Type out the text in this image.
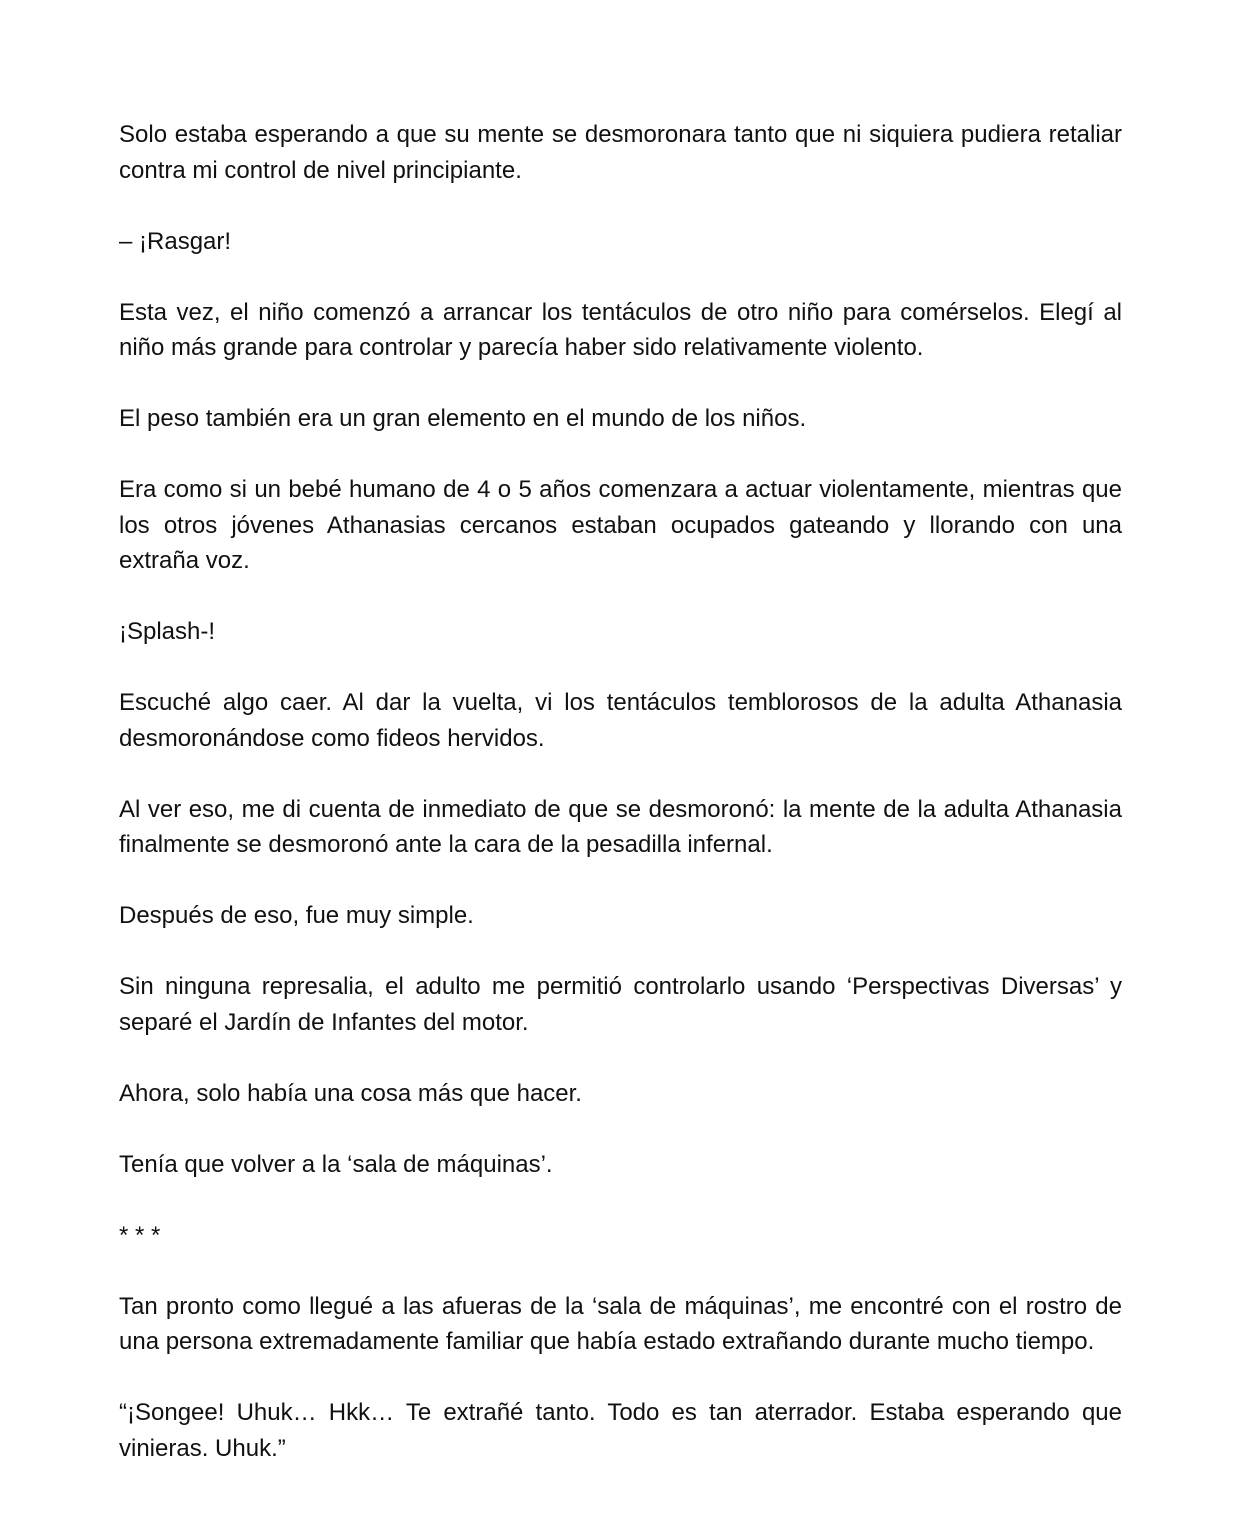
Solo estaba esperando a que su mente se desmoronara tanto que ni siquiera pudiera retaliar contra mi control de nivel principiante.

– ¡Rasgar!

Esta vez, el niño comenzó a arrancar los tentáculos de otro niño para comérselos. Elegí al niño más grande para controlar y parecía haber sido relativamente violento.

El peso también era un gran elemento en el mundo de los niños.

Era como si un bebé humano de 4 o 5 años comenzara a actuar violentamente, mientras que los otros jóvenes Athanasias cercanos estaban ocupados gateando y llorando con una extraña voz.

¡Splash-!

Escuché algo caer. Al dar la vuelta, vi los tentáculos temblorosos de la adulta Athanasia desmoronándose como fideos hervidos.

Al ver eso, me di cuenta de inmediato de que se desmoronó: la mente de la adulta Athanasia finalmente se desmoronó ante la cara de la pesadilla infernal.

Después de eso, fue muy simple.

Sin ninguna represalia, el adulto me permitió controlarlo usando ‘Perspectivas Diversas’ y separé el Jardín de Infantes del motor.

Ahora, solo había una cosa más que hacer.

Tenía que volver a la ‘sala de máquinas’.

* * *

Tan pronto como llegué a las afueras de la ‘sala de máquinas’, me encontré con el rostro de una persona extremadamente familiar que había estado extrañando durante mucho tiempo.

“¡Songee! Uhuk… Hkk… Te extrañé tanto. Todo es tan aterrador. Estaba esperando que vinieras. Uhuk.”
